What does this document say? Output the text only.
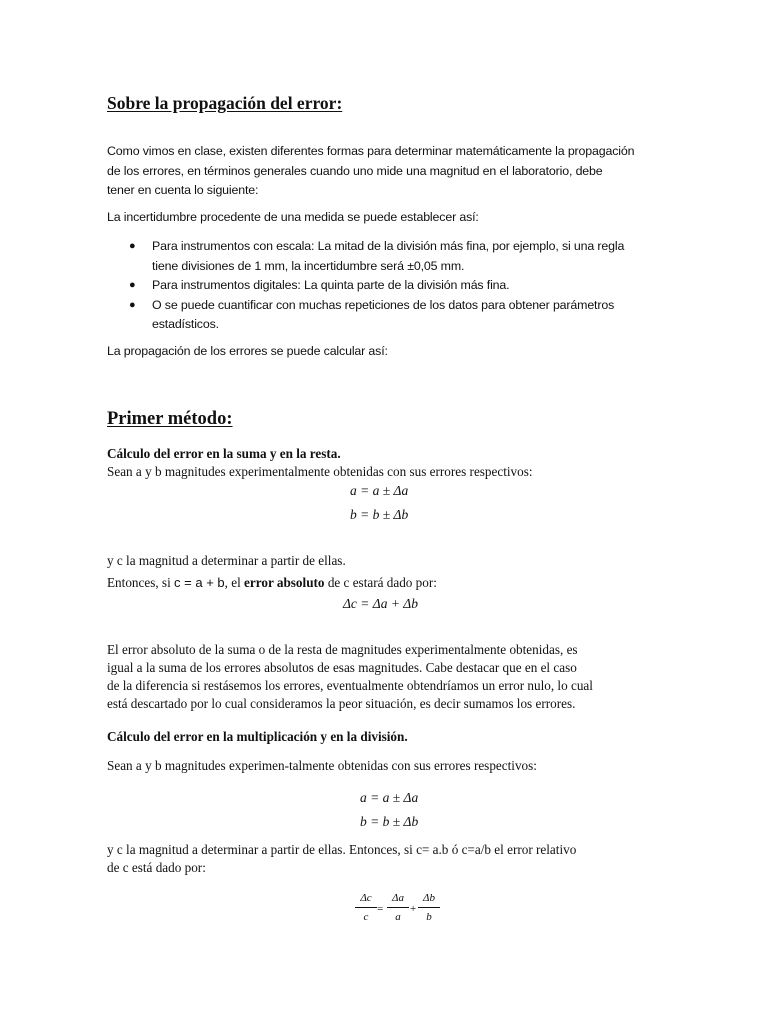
Sobre la propagación del error:
Como vimos en clase, existen diferentes formas para determinar matemáticamente la propagación
de los errores, en términos generales cuando uno mide una magnitud en el laboratorio, debe
tener en cuenta lo siguiente:
La incertidumbre procedente de una medida se puede establecer así:
● Para instrumentos con escala: La mitad de la división más fina, por ejemplo, si una regla
tiene divisiones de 1 mm, la incertidumbre será ±0,05 mm.
● Para instrumentos digitales: La quinta parte de la división más fina.
● O se puede cuantificar con muchas repeticiones de los datos para obtener parámetros
estadísticos.
La propagación de los errores se puede calcular así:
Primer método:
Cálculo del error en la suma y en la resta.
Sean a y b magnitudes experimentalmente obtenidas con sus errores respectivos:
a = a ± Δa
b = b ± Δb
y c la magnitud a determinar a partir de ellas.
Entonces, si c = a + b, el error absoluto de c estará dado por:
Δc = Δa + Δb
El error absoluto de la suma o de la resta de magnitudes experimentalmente obtenidas, es
igual a la suma de los errores absolutos de esas magnitudes. Cabe destacar que en el caso
de la diferencia si restásemos los errores, eventualmente obtendríamos un error nulo, lo cual
está descartado por lo cual consideramos la peor situación, es decir sumamos los errores.
Cálculo del error en la multiplicación y en la división.
Sean a y b magnitudes experimen-talmente obtenidas con sus errores respectivos:
a = a ± Δa
b = b ± Δb
y c la magnitud a determinar a partir de ellas. Entonces, si c= a.b ó c=a/b el error relativo
de c está dado por:
$\frac{\Delta c}{c} = \frac{\Delta a}{a} + \frac{\Delta b}{b}$
